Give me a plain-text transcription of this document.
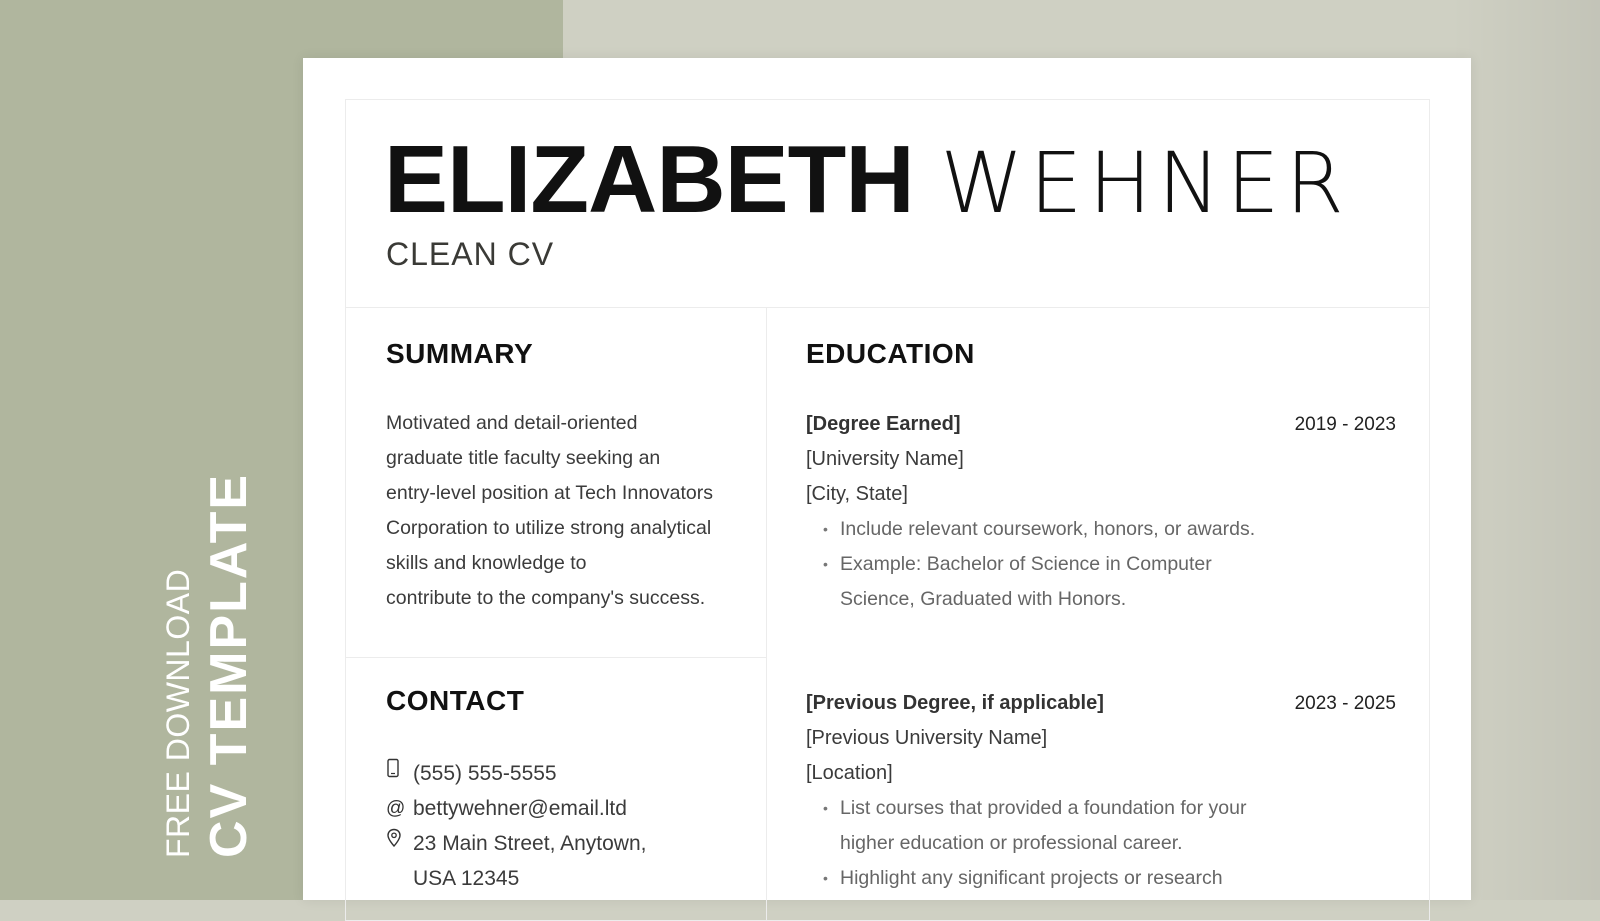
FREE DOWNLOAD CV TEMPLATE
ELIZABETH WEHNER
CLEAN CV
SUMMARY
Motivated and detail-oriented
graduate title faculty seeking an
entry-level position at Tech Innovators
Corporation to utilize strong analytical
skills and knowledge to
contribute to the company's success.
CONTACT
(555) 555-5555
@ bettywehner@email.ltd
23 Main Street, Anytown,
USA 12345
EDUCATION
[Degree Earned]	2019 - 2023
[University Name]
[City, State]
• Include relevant coursework, honors, or awards.
• Example: Bachelor of Science in Computer Science, Graduated with Honors.
[Previous Degree, if applicable]	2023 - 2025
[Previous University Name]
[Location]
• List courses that provided a foundation for your higher education or professional career.
• Highlight any significant projects or research
